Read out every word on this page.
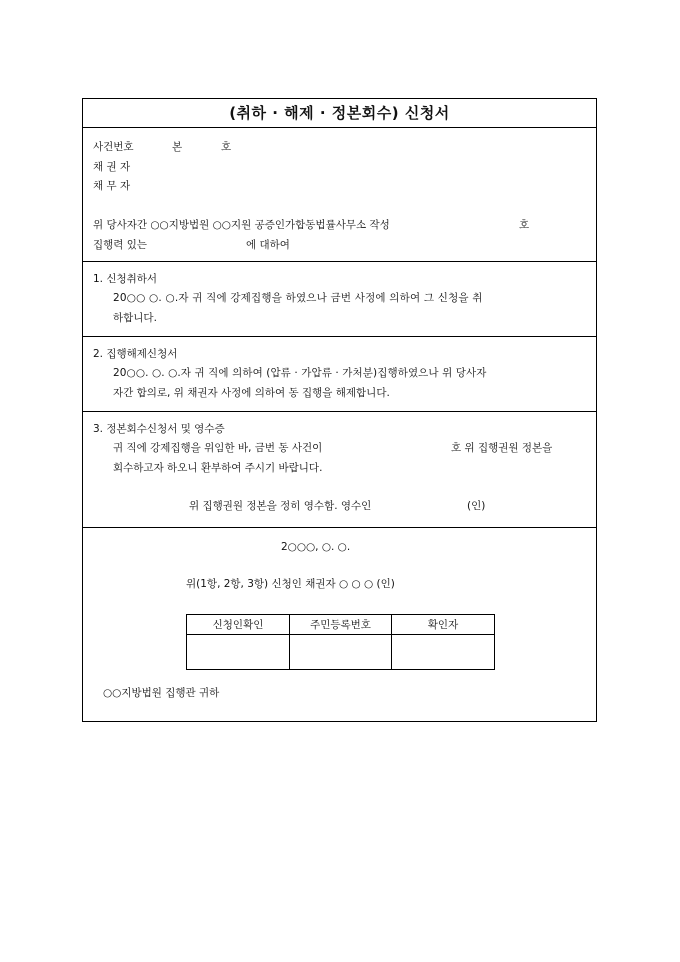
(취하 · 해제 · 정본회수) 신청서
사건번호	본	호
채 권 자
채 무 자
위 당사자간 ○○지방법원 ○○지원 공증인가합동법률사무소 작성	호
집행력 있는	에 대하여
1. 신청취하서
20○○ ○. ○.자 귀 직에 강제집행을 하였으나 금번 사정에 의하여 그 신청을 취
하합니다.
2. 집행해제신청서
20○○. ○. ○.자 귀 직에 의하여 (압류 · 가압류 · 가처분)집행하였으나 위 당사자
자간 합의로, 위 채권자 사정에 의하여 동 집행을 해제합니다.
3. 정본회수신청서 및 영수증
귀 직에 강제집행을 위임한 바, 금번 동 사건이	호 위 집행권원 정본을
회수하고자 하오니 환부하여 주시기 바랍니다.
위 집행권원 정본을 정히 영수함. 영수인	(인)
2○○○, ○. ○.
위(1항, 2항, 3항) 신청인 채권자 ○ ○ ○ (인)
○○지방법원 집행관 귀하
신청인확인	주민등록번호	확인자
